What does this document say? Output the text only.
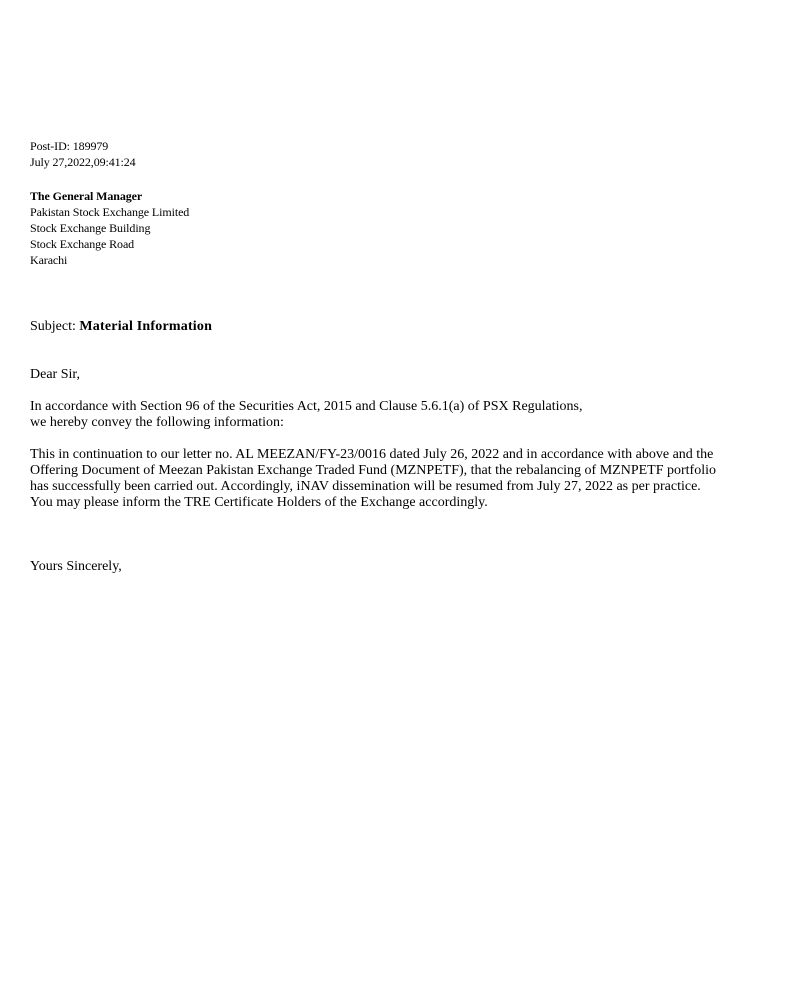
Post-ID: 189979
July 27,2022,09:41:24
The General Manager
Pakistan Stock Exchange Limited
Stock Exchange Building
Stock Exchange Road
Karachi
Subject: Material Information
Dear Sir,
In accordance with Section 96 of the Securities Act, 2015 and Clause 5.6.1(a) of PSX Regulations,
we hereby convey the following information:
This in continuation to our letter no. AL MEEZAN/FY-23/0016 dated July 26, 2022 and in accordance with above and the
Offering Document of Meezan Pakistan Exchange Traded Fund (MZNPETF), that the rebalancing of MZNPETF portfolio
has successfully been carried out. Accordingly, iNAV dissemination will be resumed from July 27, 2022 as per practice.
You may please inform the TRE Certificate Holders of the Exchange accordingly.
Yours Sincerely,
